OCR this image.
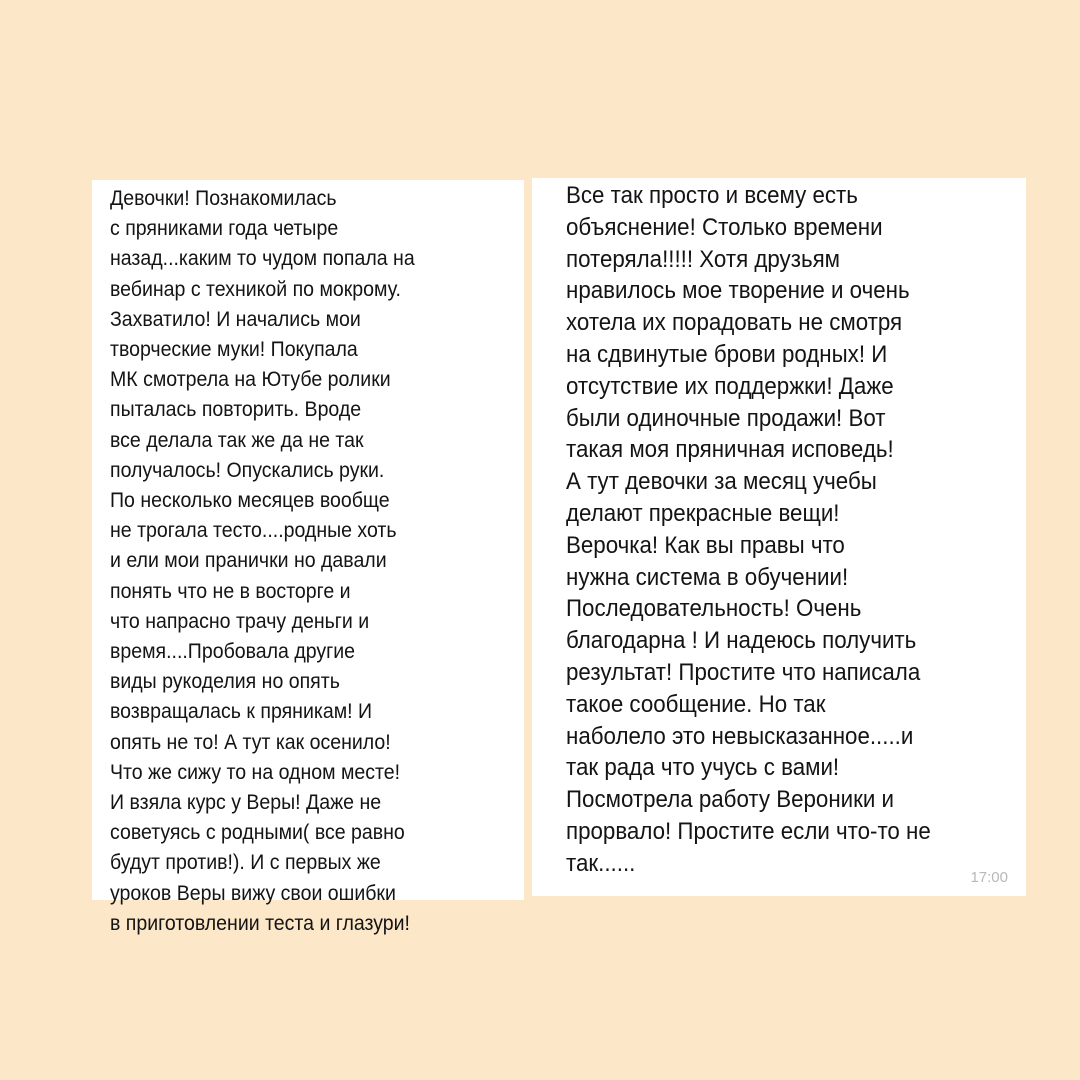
Девочки! Познакомилась
с пряниками года четыре
назад...каким то чудом попала на
вебинар с техникой по мокрому.
Захватило! И начались мои
творческие муки! Покупала
МК смотрела на Ютубе ролики
пыталась повторить. Вроде
все делала так же да не так
получалось! Опускались руки.
По несколько месяцев вообще
не трогала тесто....родные хоть
и ели мои пранички но давали
понять что не в восторге и
что напрасно трачу деньги и
время....Пробовала другие
виды рукоделия но опять
возвращалась к пряникам! И
опять не то! А тут как осенило!
Что же сижу то на одном месте!
И взяла курс у Веры! Даже не
советуясь с родными( все равно
будут против!). И с первых же
уроков Веры вижу свои ошибки
в приготовлении теста и глазури!
Все так просто и всему есть
объяснение! Столько времени
потеряла!!!!! Хотя друзьям
нравилось мое творение и очень
хотела их порадовать не смотря
на сдвинутые брови родных! И
отсутствие их поддержки! Даже
были одиночные продажи! Вот
такая моя пряничная исповедь!
А тут девочки за месяц учебы
делают прекрасные вещи!
Верочка! Как вы правы что
нужна система в обучении!
Последовательность! Очень
благодарна ! И надеюсь получить
результат! Простите что написала
такое сообщение. Но так
наболело это невысказанное.....и
так рада что учусь с вами!
Посмотрела работу Вероники и
прорвало! Простите если что-то не
так......
17:00
